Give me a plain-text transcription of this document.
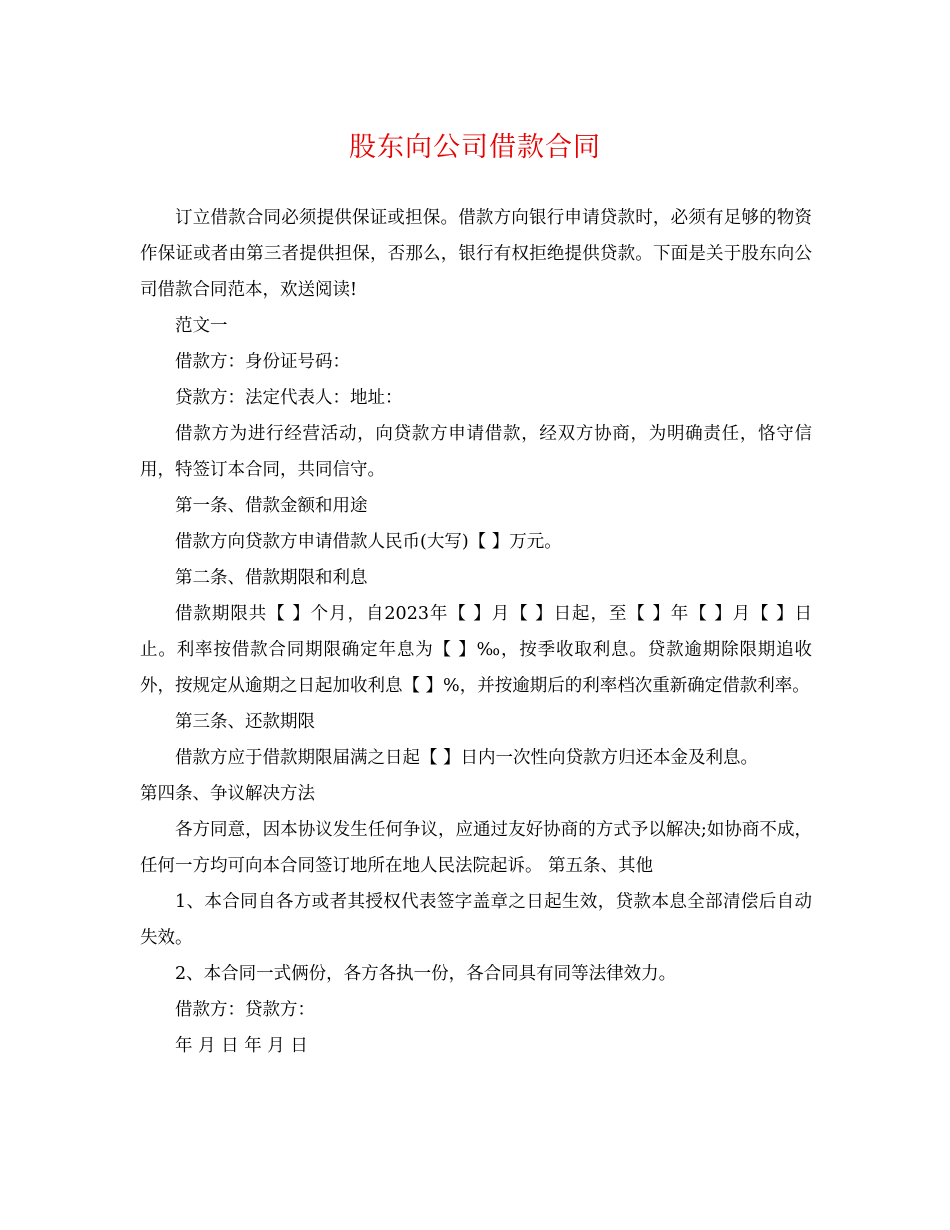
股东向公司借款合同

订立借款合同必须提供保证或担保。借款方向银行申请贷款时，必须有足够的物资作保证或者由第三者提供担保，否那么，银行有权拒绝提供贷款。下面是关于股东向公司借款合同范本，欢送阅读!

范文一

借款方：身份证号码：

贷款方：法定代表人：地址：

借款方为进行经营活动，向贷款方申请借款，经双方协商，为明确责任，恪守信用，特签订本合同，共同信守。

第一条、借款金额和用途

借款方向贷款方申请借款人民币(大写)【 】万元。

第二条、借款期限和利息

借款期限共【 】个月，自2023年【 】月【 】日起，至【 】年【 】月【 】日止。利率按借款合同期限确定年息为【 】‰，按季收取利息。贷款逾期除限期追收外，按规定从逾期之日起加收利息【 】%，并按逾期后的利率档次重新确定借款利率。

第三条、还款期限

借款方应于借款期限届满之日起【 】日内一次性向贷款方归还本金及利息。

第四条、争议解决方法

各方同意，因本协议发生任何争议，应通过友好协商的方式予以解决;如协商不成，任何一方均可向本合同签订地所在地人民法院起诉。 第五条、其他

1、本合同自各方或者其授权代表签字盖章之日起生效，贷款本息全部清偿后自动失效。

2、本合同一式俩份，各方各执一份，各合同具有同等法律效力。

借款方：贷款方：

年 月 日 年 月 日
